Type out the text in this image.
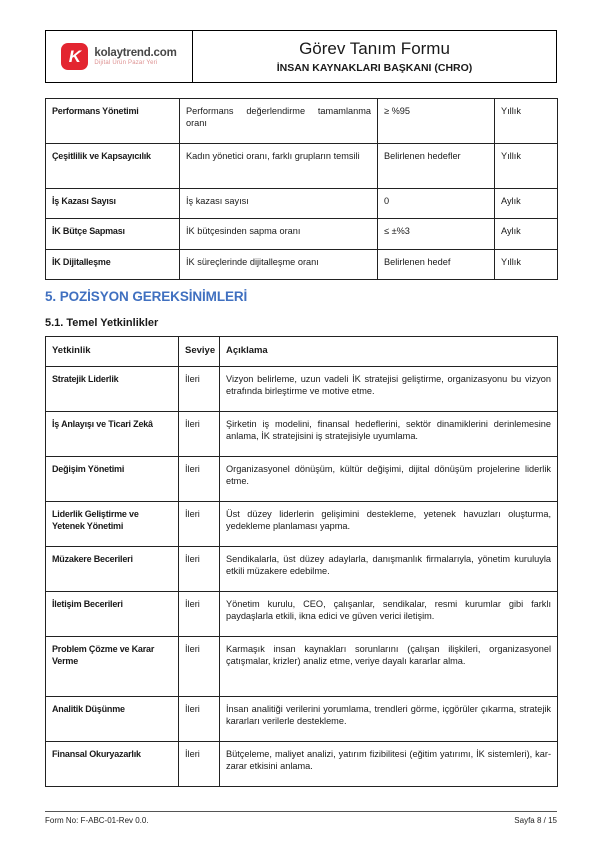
K	kolaytrend.com
Dijital Ürün Pazar Yeri
Görev Tanım Formu
İNSAN KAYNAKLARI BAŞKANI (CHRO)
Performans Yönetimi	Performans değerlendirme tamamlanma oranı	≥ %95	Yıllık
Çeşitlilik ve Kapsayıcılık	Kadın yönetici oranı, farklı grupların temsili	Belirlenen hedefler	Yıllık
İş Kazası Sayısı	İş kazası sayısı	0	Aylık
İK Bütçe Sapması	İK bütçesinden sapma oranı	≤ ±%3	Aylık
İK Dijitalleşme	İK süreçlerinde dijitalleşme oranı	Belirlenen hedef	Yıllık
5. POZİSYON GEREKSİNİMLERİ
5.1. Temel Yetkinlikler
Yetkinlik	Seviye	Açıklama
Stratejik Liderlik	İleri	Vizyon belirleme, uzun vadeli İK stratejisi geliştirme, organizasyonu bu vizyon etrafında birleştirme ve motive etme.
İş Anlayışı ve Ticari Zekâ	İleri	Şirketin iş modelini, finansal hedeflerini, sektör dinamiklerini derinlemesine anlama, İK stratejisini iş stratejisiyle uyumlama.
Değişim Yönetimi	İleri	Organizasyonel dönüşüm, kültür değişimi, dijital dönüşüm projelerine liderlik etme.
Liderlik Geliştirme ve Yetenek Yönetimi	İleri	Üst düzey liderlerin gelişimini destekleme, yetenek havuzları oluşturma, yedekleme planlaması yapma.
Müzakere Becerileri	İleri	Sendikalarla, üst düzey adaylarla, danışmanlık firmalarıyla, yönetim kuruluyla etkili müzakere edebilme.
İletişim Becerileri	İleri	Yönetim kurulu, CEO, çalışanlar, sendikalar, resmi kurumlar gibi farklı paydaşlarla etkili, ikna edici ve güven verici iletişim.
Problem Çözme ve Karar Verme	İleri	Karmaşık insan kaynakları sorunlarını (çalışan ilişkileri, organizasyonel çatışmalar, krizler) analiz etme, veriye dayalı kararlar alma.
Analitik Düşünme	İleri	İnsan analitiği verilerini yorumlama, trendleri görme, içgörüler çıkarma, stratejik kararları verilerle destekleme.
Finansal Okuryazarlık	İleri	Bütçeleme, maliyet analizi, yatırım fizibilitesi (eğitim yatırımı, İK sistemleri), kar-zarar etkisini anlama.
Form No: F-ABC-01-Rev 0.0.	Sayfa 8 / 15
